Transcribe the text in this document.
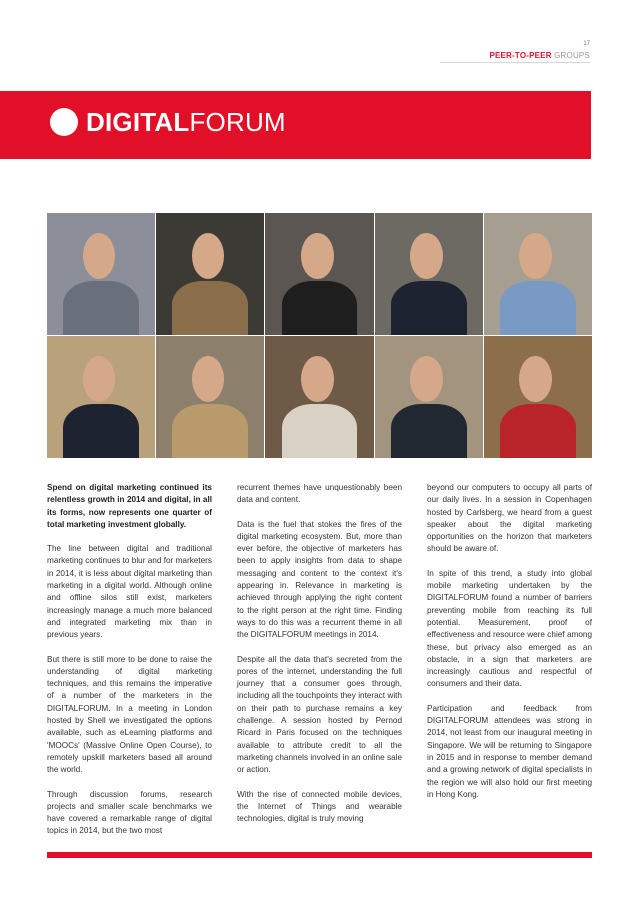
17
PEER-TO-PEER GROUPS
DIGITALFORUM

Spend on digital marketing continued its relentless growth in 2014 and digital, in all its forms, now represents one quarter of total marketing investment globally.

The line between digital and traditional marketing continues to blur and for marketers in 2014, it is less about digital marketing than marketing in a digital world. Although online and offline silos still exist, marketers increasingly manage a much more balanced and integrated marketing mix than in previous years.

But there is still more to be done to raise the understanding of digital marketing techniques, and this remains the imperative of a number of the marketers in the DIGITALFORUM. In a meeting in London hosted by Shell we investigated the options available, such as eLearning platforms and 'MOOCs' (Massive Online Open Course), to remotely upskill marketers based all around the world.

Through discussion forums, research projects and smaller scale benchmarks we have covered a remarkable range of digital topics in 2014, but the two most

recurrent themes have unquestionably been data and content.

Data is the fuel that stokes the fires of the digital marketing ecosystem. But, more than ever before, the objective of marketers has been to apply insights from data to shape messaging and content to the context it's appearing in. Relevance in marketing is achieved through applying the right content to the right person at the right time. Finding ways to do this was a recurrent theme in all the DIGITALFORUM meetings in 2014.

Despite all the data that's secreted from the pores of the internet, understanding the full journey that a consumer goes through, including all the touchpoints they interact with on their path to purchase remains a key challenge. A session hosted by Pernod Ricard in Paris focused on the techniques available to attribute credit to all the marketing channels involved in an online sale or action.

With the rise of connected mobile devices, the Internet of Things and wearable technologies, digital is truly moving

beyond our computers to occupy all parts of our daily lives. In a session in Copenhagen hosted by Carlsberg, we heard from a guest speaker about the digital marketing opportunities on the horizon that marketers should be aware of.

In spite of this trend, a study into global mobile marketing undertaken by the DIGITALFORUM found a number of barriers preventing mobile from reaching its full potential. Measurement, proof of effectiveness and resource were chief among these, but privacy also emerged as an obstacle, in a sign that marketers are increasingly cautious and respectful of consumers and their data.

Participation and feedback from DIGITALFORUM attendees was strong in 2014, not least from our inaugural meeting in Singapore. We will be returning to Singapore in 2015 and in response to member demand and a growing network of digital specialists in the region we will also hold our first meeting in Hong Kong.
